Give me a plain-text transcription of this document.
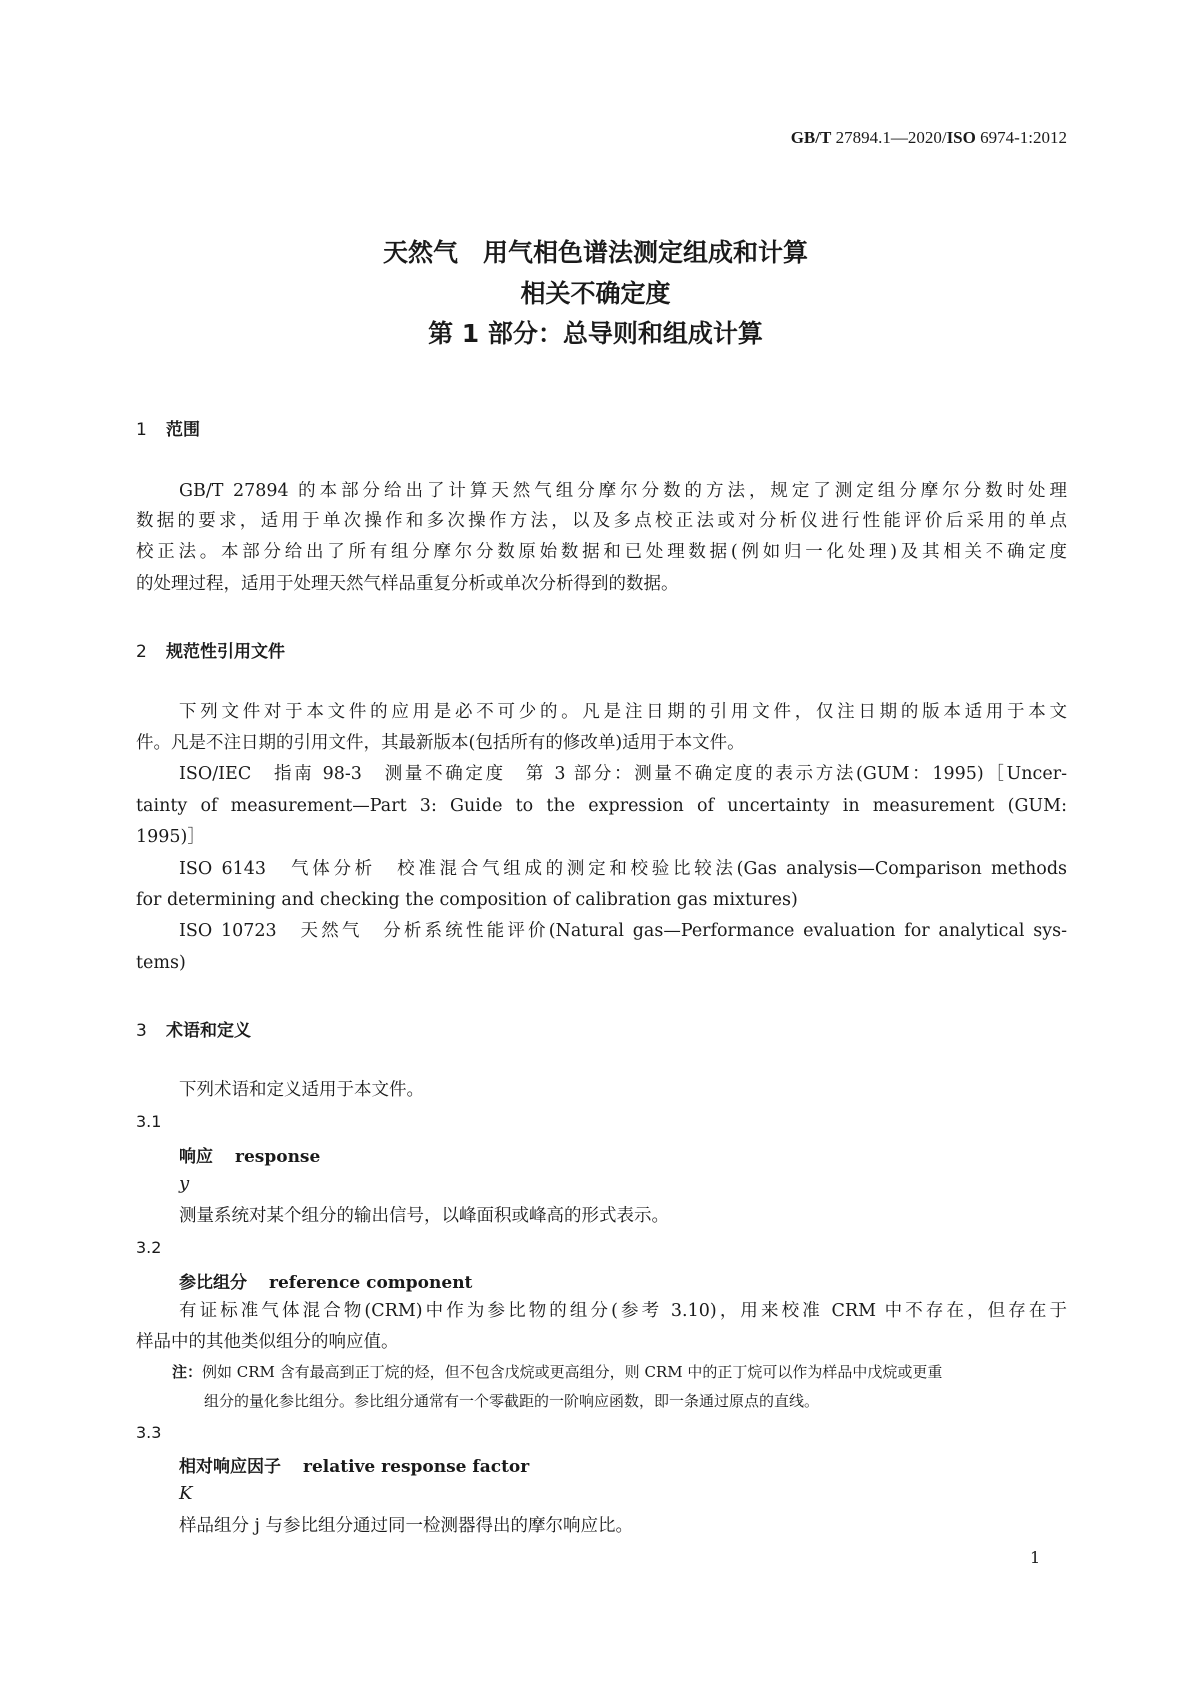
GB/T 27894.1—2020/ISO 6974-1:2012
天然气　用气相色谱法测定组成和计算
相关不确定度
第 1 部分：总导则和组成计算
1 范围
GB/T 27894 的本部分给出了计算天然气组分摩尔分数的方法，规定了测定组分摩尔分数时处理
数据的要求，适用于单次操作和多次操作方法，以及多点校正法或对分析仪进行性能评价后采用的单点
校正法。本部分给出了所有组分摩尔分数原始数据和已处理数据(例如归一化处理)及其相关不确定度
的处理过程，适用于处理天然气样品重复分析或单次分析得到的数据。
2 规范性引用文件
下列文件对于本文件的应用是必不可少的。凡是注日期的引用文件，仅注日期的版本适用于本文
件。凡是不注日期的引用文件，其最新版本(包括所有的修改单)适用于本文件。
ISO/IEC　指南 98-3　测量不确定度　第 3 部分：测量不确定度的表示方法(GUM：1995)［Uncer-
tainty of measurement—Part 3: Guide to the expression of uncertainty in measurement (GUM:
1995)］
ISO 6143　气体分析　校准混合气组成的测定和校验比较法(Gas analysis—Comparison methods
for determining and checking the composition of calibration gas mixtures)
ISO 10723　天然气　分析系统性能评价(Natural gas—Performance evaluation for analytical sys-
tems)
3 术语和定义
下列术语和定义适用于本文件。
3.1
响应 response
y
测量系统对某个组分的输出信号，以峰面积或峰高的形式表示。
3.2
参比组分 reference component
有证标准气体混合物(CRM)中作为参比物的组分(参考 3.10)，用来校准 CRM 中不存在，但存在于
样品中的其他类似组分的响应值。
注：例如 CRM 含有最高到正丁烷的烃，但不包含戊烷或更高组分，则 CRM 中的正丁烷可以作为样品中戊烷或更重
组分的量化参比组分。参比组分通常有一个零截距的一阶响应函数，即一条通过原点的直线。
3.3
相对响应因子 relative response factor
K
样品组分 j 与参比组分通过同一检测器得出的摩尔响应比。
1
